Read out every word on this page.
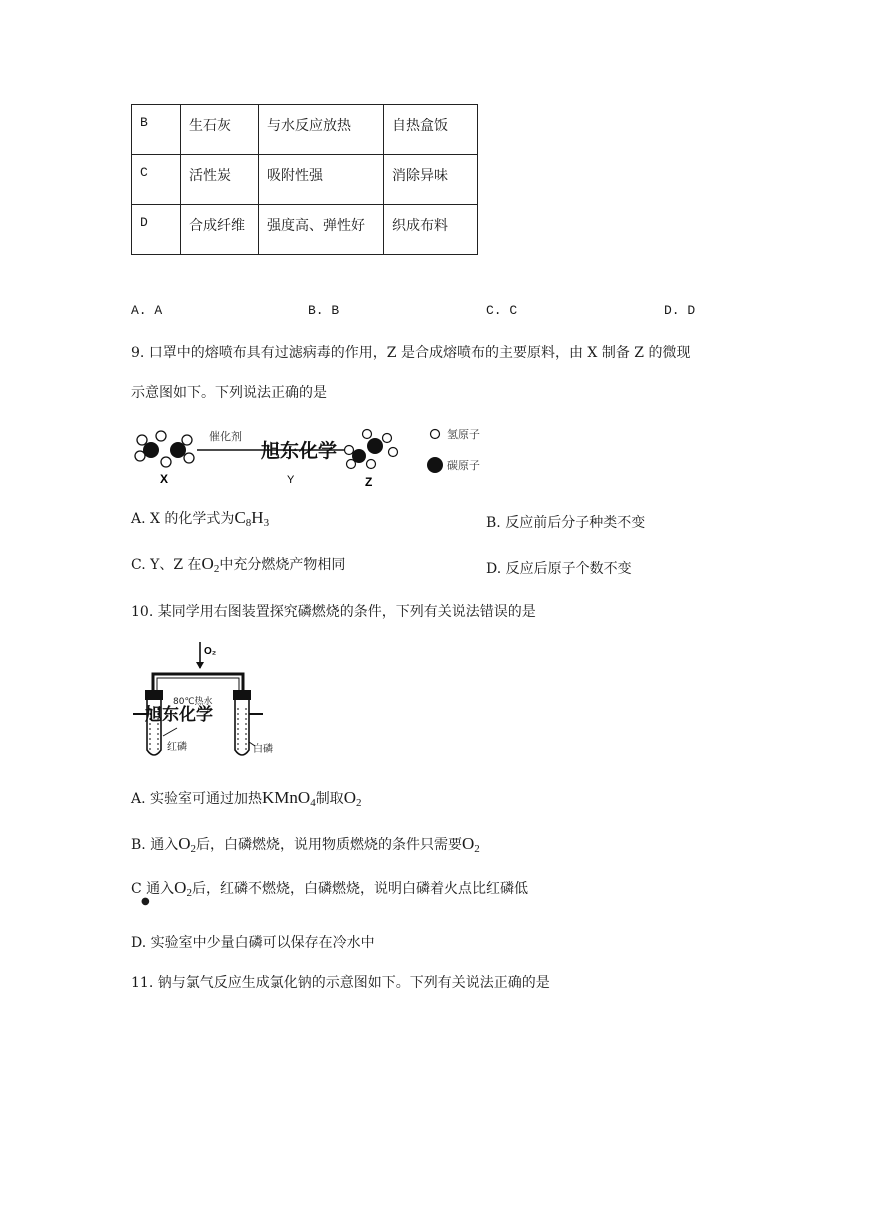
B	生石灰	与水反应放热	自热盒饭
C	活性炭	吸附性强	消除异味
D	合成纤维	强度高、弹性好	织成布料
A. A	B. B	C. C	D. D
9. 口罩中的熔喷布具有过滤病毒的作用，Z 是合成熔喷布的主要原料，由 X 制备 Z 的微现
示意图如下。下列说法正确的是
X
催化剂
旭东化学
Y	Z
氢原子
碳原子
A. X 的化学式为$C_8H_3$	B. 反应前后分子种类不变
C. Y、Z 在$O_2$中充分燃烧产物相同	D. 反应后原子个数不变
10. 某同学用右图装置探究磷燃烧的条件，下列有关说法错误的是
O₂
80℃热水
旭东化学
红磷	白磷
A. 实验室可通过加热KMnO$_4$制取$O_2$
B. 通入$O_2$后，白磷燃烧，说用物质燃烧的条件只需要$O_2$
C 通入$O_2$后，红磷不燃烧，白磷燃烧，说明白磷着火点比红磷低
●
D. 实验室中少量白磷可以保存在冷水中
11. 钠与氯气反应生成氯化钠的示意图如下。下列有关说法正确的是
